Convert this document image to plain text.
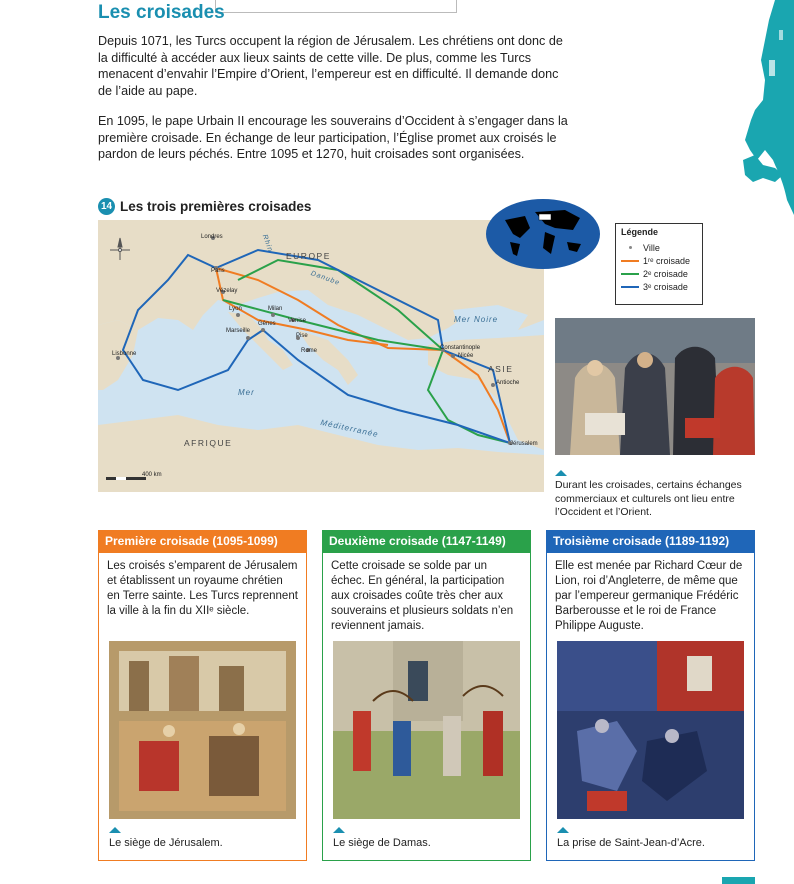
Les croisades

Depuis 1071, les Turcs occupent la région de Jérusalem. Les chrétiens ont donc de la difficulté à accéder aux lieux saints de cette ville. De plus, comme les Turcs menacent d’envahir l’Empire d’Orient, l’empereur est en difficulté. Il demande donc de l’aide au pape.

En 1095, le pape Urbain II encourage les souverains d’Occident à s’engager dans la première croisade. En échange de leur participation, l’Église promet aux croisés le pardon de leurs péchés. Entre 1095 et 1270, huit croisades sont organisées.

14 Les trois premières croisades
Londres
Paris
Vézelay
Lyon	Milan
Gênes Venise
Marseille
Pise
Rome
Lisbonne
Constantinople
Nicée
Antioche
Jérusalem
EUROPE
ASIE
AFRIQUE
Mer Noire
Mer
Méditerranée
Rhin
Danube
400 km
Légende
Ville
1ʳᵉ croisade
2ᵉ croisade
3ᵉ croisade
Durant les croisades, certains échanges commerciaux et culturels ont lieu entre l’Occident et l’Orient.
Première croisade (1095-1099)
Les croisés s’emparent de Jérusalem et établissent un royaume chrétien en Terre sainte. Les Turcs reprennent la ville à la fin du XIIᵉ siècle.
Le siège de Jérusalem.
Deuxième croisade (1147-1149)
Cette croisade se solde par un échec. En général, la participation aux croisades coûte très cher aux souverains et plusieurs soldats n’en reviennent jamais.
Le siège de Damas.
Troisième croisade (1189-1192)
Elle est menée par Richard Cœur de Lion, roi d’Angleterre, de même que par l’empereur germanique Frédéric Barberousse et le roi de France Philippe Auguste.
La prise de Saint-Jean-d’Acre.
